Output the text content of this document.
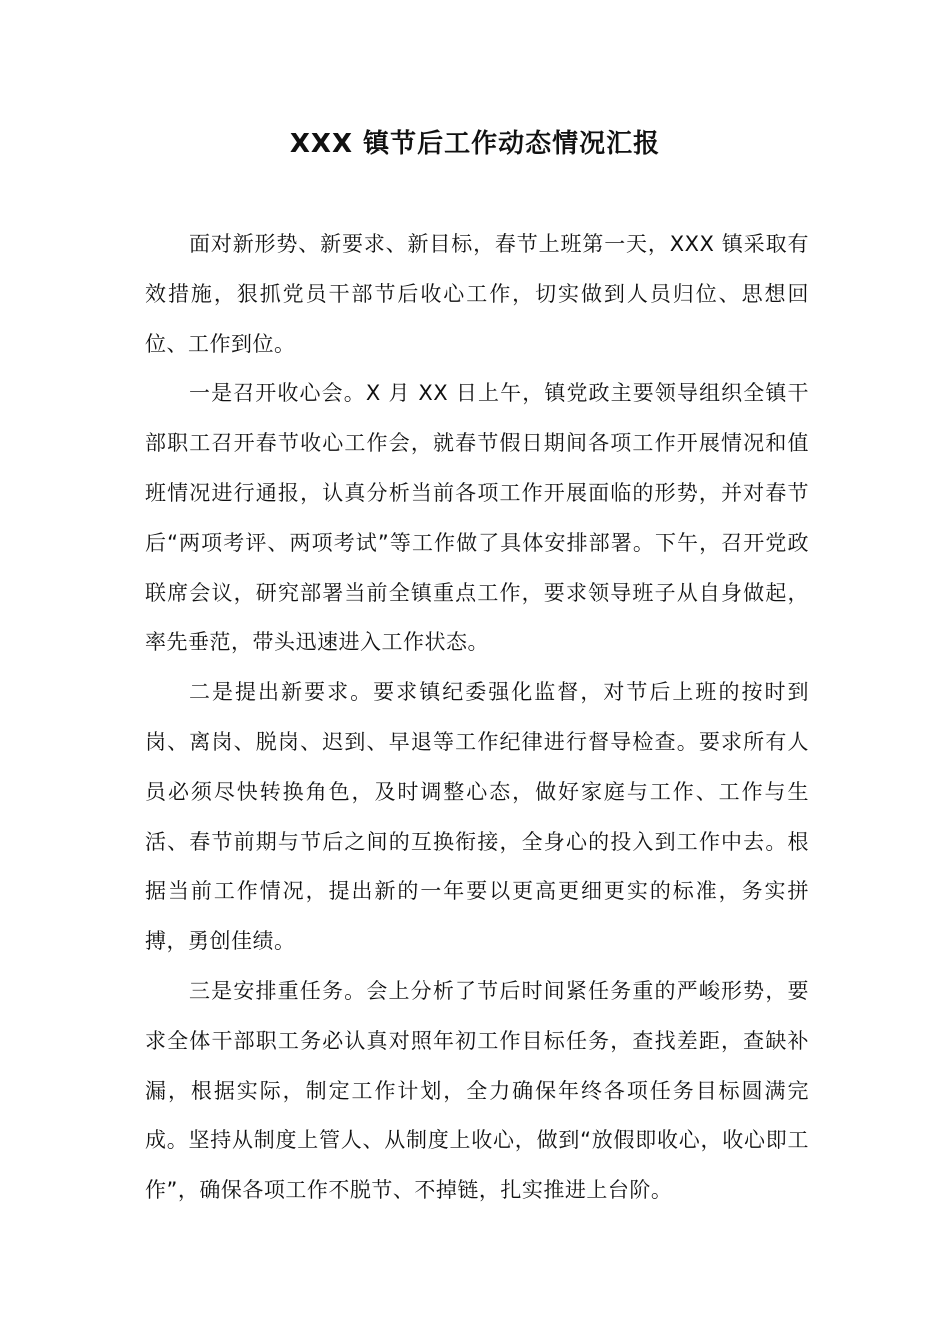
XXX 镇节后工作动态情况汇报

面对新形势、新要求、新目标，春节上班第一天，XXX 镇采取有效措施，狠抓党员干部节后收心工作，切实做到人员归位、思想回位、工作到位。

一是召开收心会。X 月 XX 日上午，镇党政主要领导组织全镇干部职工召开春节收心工作会，就春节假日期间各项工作开展情况和值班情况进行通报，认真分析当前各项工作开展面临的形势，并对春节后“两项考评、两项考试”等工作做了具体安排部署。下午，召开党政联席会议，研究部署当前全镇重点工作，要求领导班子从自身做起，率先垂范，带头迅速进入工作状态。

二是提出新要求。要求镇纪委强化监督，对节后上班的按时到岗、离岗、脱岗、迟到、早退等工作纪律进行督导检查。要求所有人员必须尽快转换角色，及时调整心态，做好家庭与工作、工作与生活、春节前期与节后之间的互换衔接，全身心的投入到工作中去。根据当前工作情况，提出新的一年要以更高更细更实的标准，务实拼搏，勇创佳绩。

三是安排重任务。会上分析了节后时间紧任务重的严峻形势，要求全体干部职工务必认真对照年初工作目标任务，查找差距，查缺补漏，根据实际，制定工作计划，全力确保年终各项任务目标圆满完成。坚持从制度上管人、从制度上收心，做到“放假即收心，收心即工作”，确保各项工作不脱节、不掉链，扎实推进上台阶。
